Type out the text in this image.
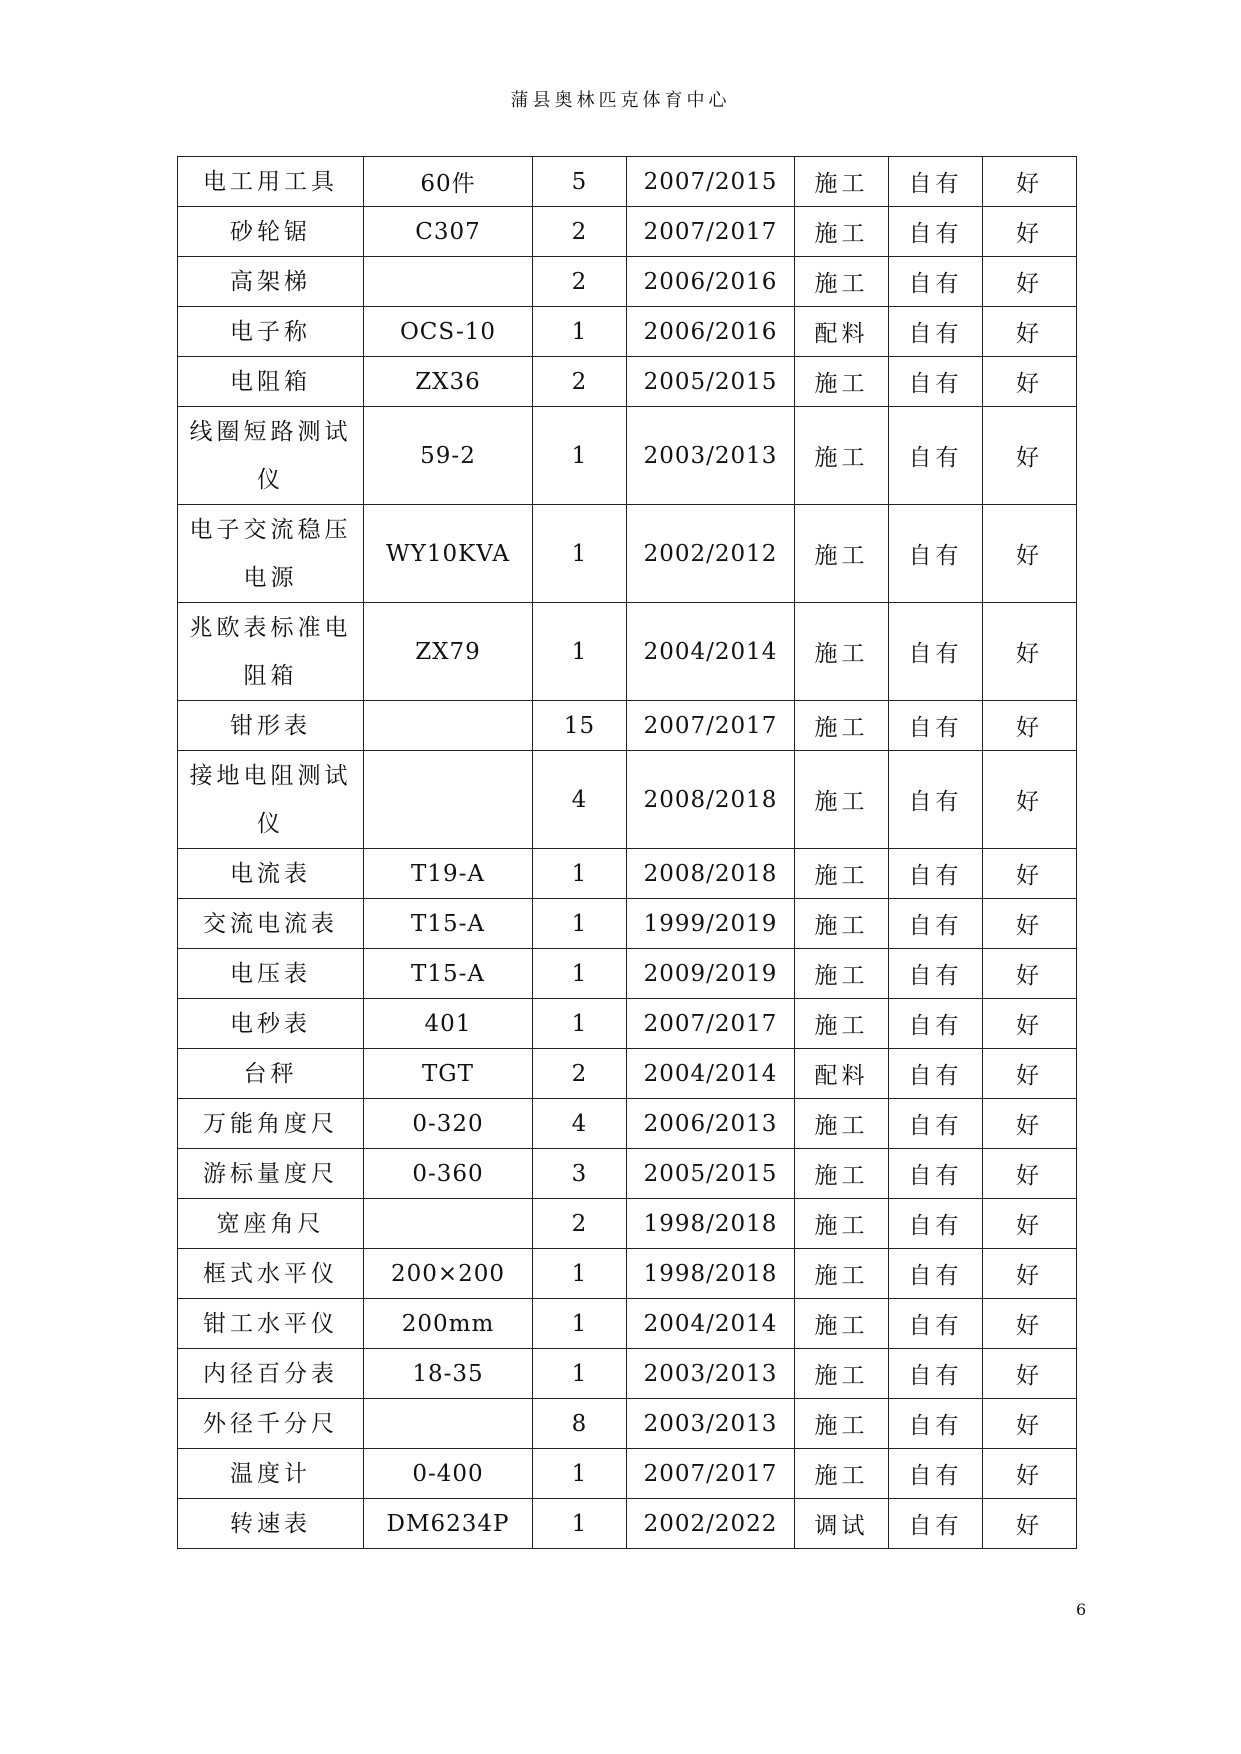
蒲县奥林匹克体育中心
电工用工具	60件	5	2007/2015	施工	自有	好
砂轮锯	C307	2	2007/2017	施工	自有	好
高架梯		2	2006/2016	施工	自有	好
电子称	OCS-10	1	2006/2016	配料	自有	好
电阻箱	ZX36	2	2005/2015	施工	自有	好
线圈短路测试仪	59-2	1	2003/2013	施工	自有	好
电子交流稳压电源	WY10KVA	1	2002/2012	施工	自有	好
兆欧表标准电阻箱	ZX79	1	2004/2014	施工	自有	好
钳形表		15	2007/2017	施工	自有	好
接地电阻测试仪		4	2008/2018	施工	自有	好
电流表	T19-A	1	2008/2018	施工	自有	好
交流电流表	T15-A	1	1999/2019	施工	自有	好
电压表	T15-A	1	2009/2019	施工	自有	好
电秒表	401	1	2007/2017	施工	自有	好
台秤	TGT	2	2004/2014	配料	自有	好
万能角度尺	0-320	4	2006/2013	施工	自有	好
游标量度尺	0-360	3	2005/2015	施工	自有	好
宽座角尺		2	1998/2018	施工	自有	好
框式水平仪	200×200	1	1998/2018	施工	自有	好
钳工水平仪	200mm	1	2004/2014	施工	自有	好
内径百分表	18-35	1	2003/2013	施工	自有	好
外径千分尺		8	2003/2013	施工	自有	好
温度计	0-400	1	2007/2017	施工	自有	好
转速表	DM6234P	1	2002/2022	调试	自有	好
6
